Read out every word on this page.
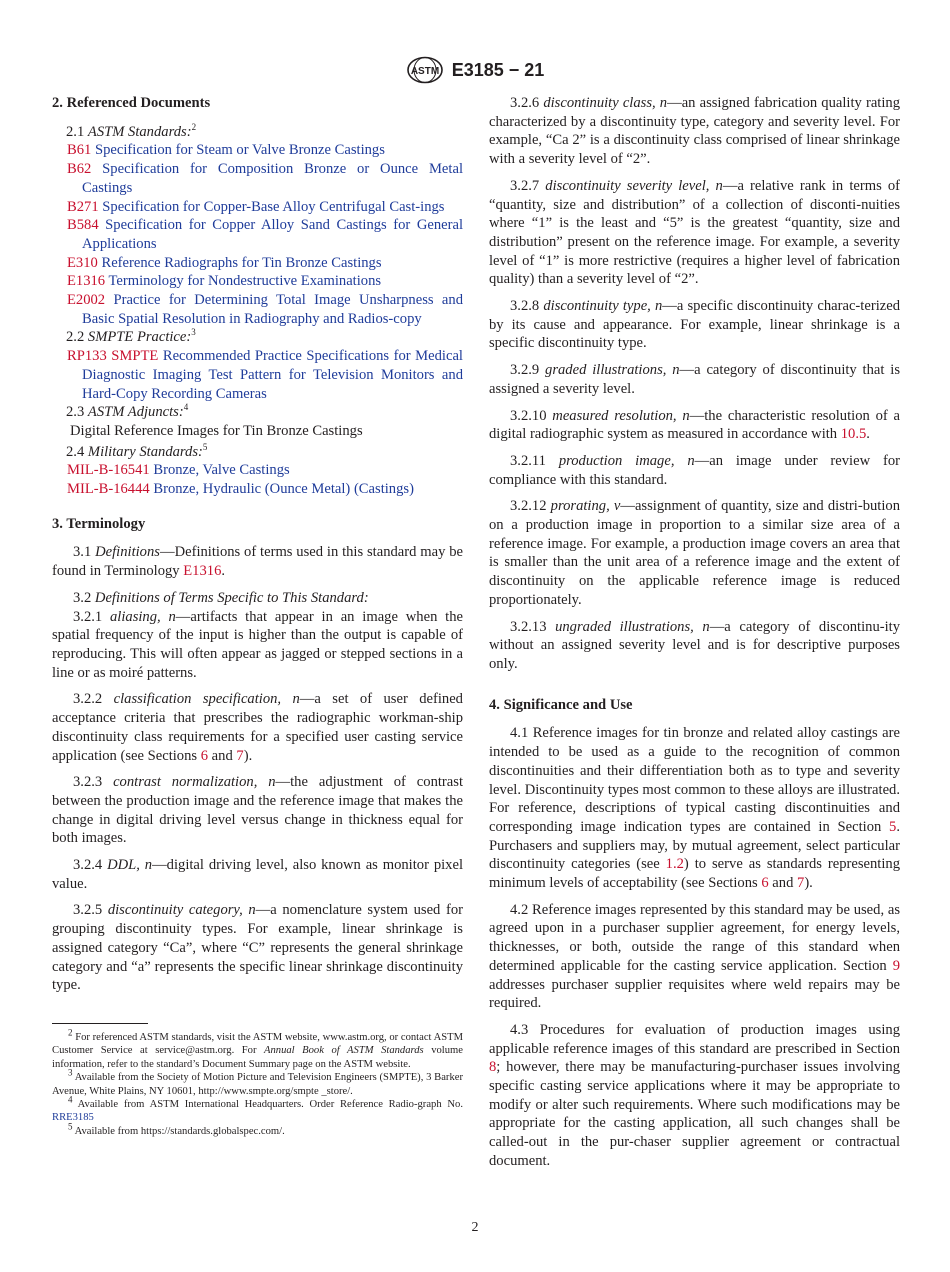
ASTM E3185 − 21
2. Referenced Documents
2.1 ASTM Standards:$^2$
B61 Specification for Steam or Valve Bronze Castings
B62 Specification for Composition Bronze or Ounce Metal Castings
B271 Specification for Copper-Base Alloy Centrifugal Cast-ings
B584 Specification for Copper Alloy Sand Castings for General Applications
E310 Reference Radiographs for Tin Bronze Castings
E1316 Terminology for Nondestructive Examinations
E2002 Practice for Determining Total Image Unsharpness and Basic Spatial Resolution in Radiography and Radios-copy
2.2 SMPTE Practice:$^3$
RP133 SMPTE Recommended Practice Specifications for Medical Diagnostic Imaging Test Pattern for Television Monitors and Hard-Copy Recording Cameras
2.3 ASTM Adjuncts:$^4$
Digital Reference Images for Tin Bronze Castings
2.4 Military Standards:$^5$
MIL-B-16541 Bronze, Valve Castings
MIL-B-16444 Bronze, Hydraulic (Ounce Metal) (Castings)
3. Terminology

3.1 Definitions—Definitions of terms used in this standard may be found in Terminology E1316.

3.2 Definitions of Terms Specific to This Standard:

3.2.1 aliasing, n—artifacts that appear in an image when the spatial frequency of the input is higher than the output is capable of reproducing. This will often appear as jagged or stepped sections in a line or as moiré patterns.

3.2.2 classification specification, n—a set of user defined acceptance criteria that prescribes the radiographic workman-ship discontinuity class requirements for a specified user casting service application (see Sections 6 and 7).

3.2.3 contrast normalization, n—the adjustment of contrast between the production image and the reference image that makes the change in digital driving level versus change in thickness equal for both images.

3.2.4 DDL, n—digital driving level, also known as monitor pixel value.

3.2.5 discontinuity category, n—a nomenclature system used for grouping discontinuity types. For example, linear shrinkage is assigned category “Ca”, where “C” represents the general shrinkage category and “a” represents the specific linear shrinkage discontinuity type.

$^2$ For referenced ASTM standards, visit the ASTM website, www.astm.org, or contact ASTM Customer Service at service@astm.org. For Annual Book of ASTM Standards volume information, refer to the standard’s Document Summary page on the ASTM website.

$^3$ Available from the Society of Motion Picture and Television Engineers (SMPTE), 3 Barker Avenue, White Plains, NY 10601, http://www.smpte.org/smpte _store/.

$^4$ Available from ASTM International Headquarters. Order Reference Radio-graph No. RRE3185

$^5$ Available from https://standards.globalspec.com/.

3.2.6 discontinuity class, n—an assigned fabrication quality rating characterized by a discontinuity type, category and severity level. For example, “Ca 2” is a discontinuity class comprised of linear shrinkage with a severity level of “2”.

3.2.7 discontinuity severity level, n—a relative rank in terms of “quantity, size and distribution” of a collection of disconti-nuities where “1” is the least and “5” is the greatest “quantity, size and distribution” present on the reference image. For example, a severity level of “1” is more restrictive (requires a higher level of fabrication quality) than a severity level of “2”.

3.2.8 discontinuity type, n—a specific discontinuity charac-terized by its cause and appearance. For example, linear shrinkage is a specific discontinuity type.

3.2.9 graded illustrations, n—a category of discontinuity that is assigned a severity level.

3.2.10 measured resolution, n—the characteristic resolution of a digital radiographic system as measured in accordance with 10.5.

3.2.11 production image, n—an image under review for compliance with this standard.

3.2.12 prorating, v—assignment of quantity, size and distri-bution on a production image in proportion to a similar size area of a reference image. For example, a production image covers an area that is smaller than the unit area of a reference image and the extent of discontinuity on the applicable reference image is reduced proportionately.

3.2.13 ungraded illustrations, n—a category of discontinu-ity without an assigned severity level and is for descriptive purposes only.

4. Significance and Use

4.1 Reference images for tin bronze and related alloy castings are intended to be used as a guide to the recognition of common discontinuities and their differentiation both as to type and severity level. Discontinuity types most common to these alloys are illustrated. For reference, descriptions of typical casting discontinuities and corresponding image indication types are contained in Section 5. Purchasers and suppliers may, by mutual agreement, select particular discontinuity categories (see 1.2) to serve as standards representing minimum levels of acceptability (see Sections 6 and 7).

4.2 Reference images represented by this standard may be used, as agreed upon in a purchaser supplier agreement, for energy levels, thicknesses, or both, outside the range of this standard when determined applicable for the casting service application. Section 9 addresses purchaser supplier requisites where weld repairs may be required.

4.3 Procedures for evaluation of production images using applicable reference images of this standard are prescribed in Section 8; however, there may be manufacturing-purchaser issues involving specific casting service applications where it may be appropriate to modify or alter such requirements. Where such modifications may be appropriate for the casting application, all such changes shall be called-out in the pur-chaser supplier agreement or contractual document.

2
